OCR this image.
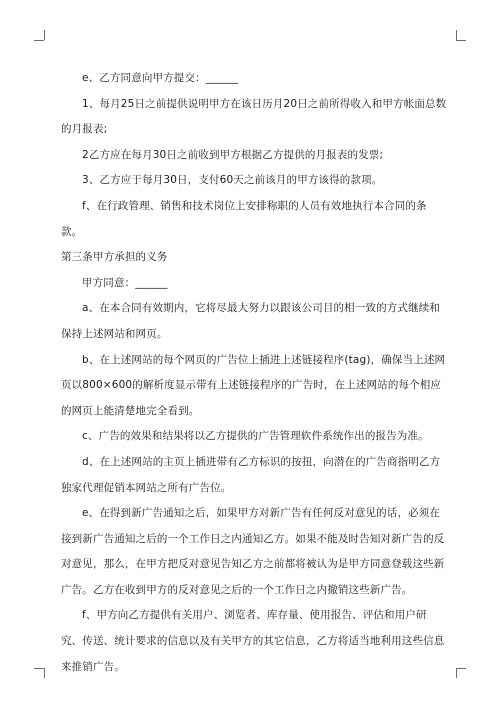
e、乙方同意向甲方提交：______

1、每月25日之前提供说明甲方在该日历月20日之前所得收入和甲方帐面总数的月报表;

2乙方应在每月30日之前收到甲方根据乙方提供的月报表的发票;

3、乙方应于每月30日，支付60天之前该月的甲方该得的款项。

f、在行政管理、销售和技术岗位上安排称职的人员有效地执行本合同的条款。

第三条甲方承担的义务

甲方同意：______

a、在本合同有效期内，它将尽最大努力以跟该公司目的相一致的方式继续和保持上述网站和网页。

b、在上述网站的每个网页的广告位上插进上述链接程序(tag)，确保当上述网页以800×600的解析度显示带有上述链接程序的广告时，在上述网站的每个相应的网页上能清楚地完全看到。

c、广告的效果和结果将以乙方提供的广告管理软件系统作出的报告为准。

d、在上述网站的主页上插进带有乙方标识的按扭，向潜在的广告商指明乙方独家代理促销本网站之所有广告位。

e、在得到新广告通知之后，如果甲方对新广告有任何反对意见的话，必须在接到新广告通知之后的一个工作日之内通知乙方。如果不能及时告知对新广告的反对意见，那么，在甲方把反对意见告知乙方之前都将被认为是甲方同意登载这些新广告。乙方在收到甲方的反对意见之后的一个工作日之内撤销这些新广告。

f、甲方向乙方提供有关用户、浏览者、库存量、使用报告、评估和用户研究、传送、统计要求的信息以及有关甲方的其它信息，乙方将适当地利用这些信息来推销广告。
